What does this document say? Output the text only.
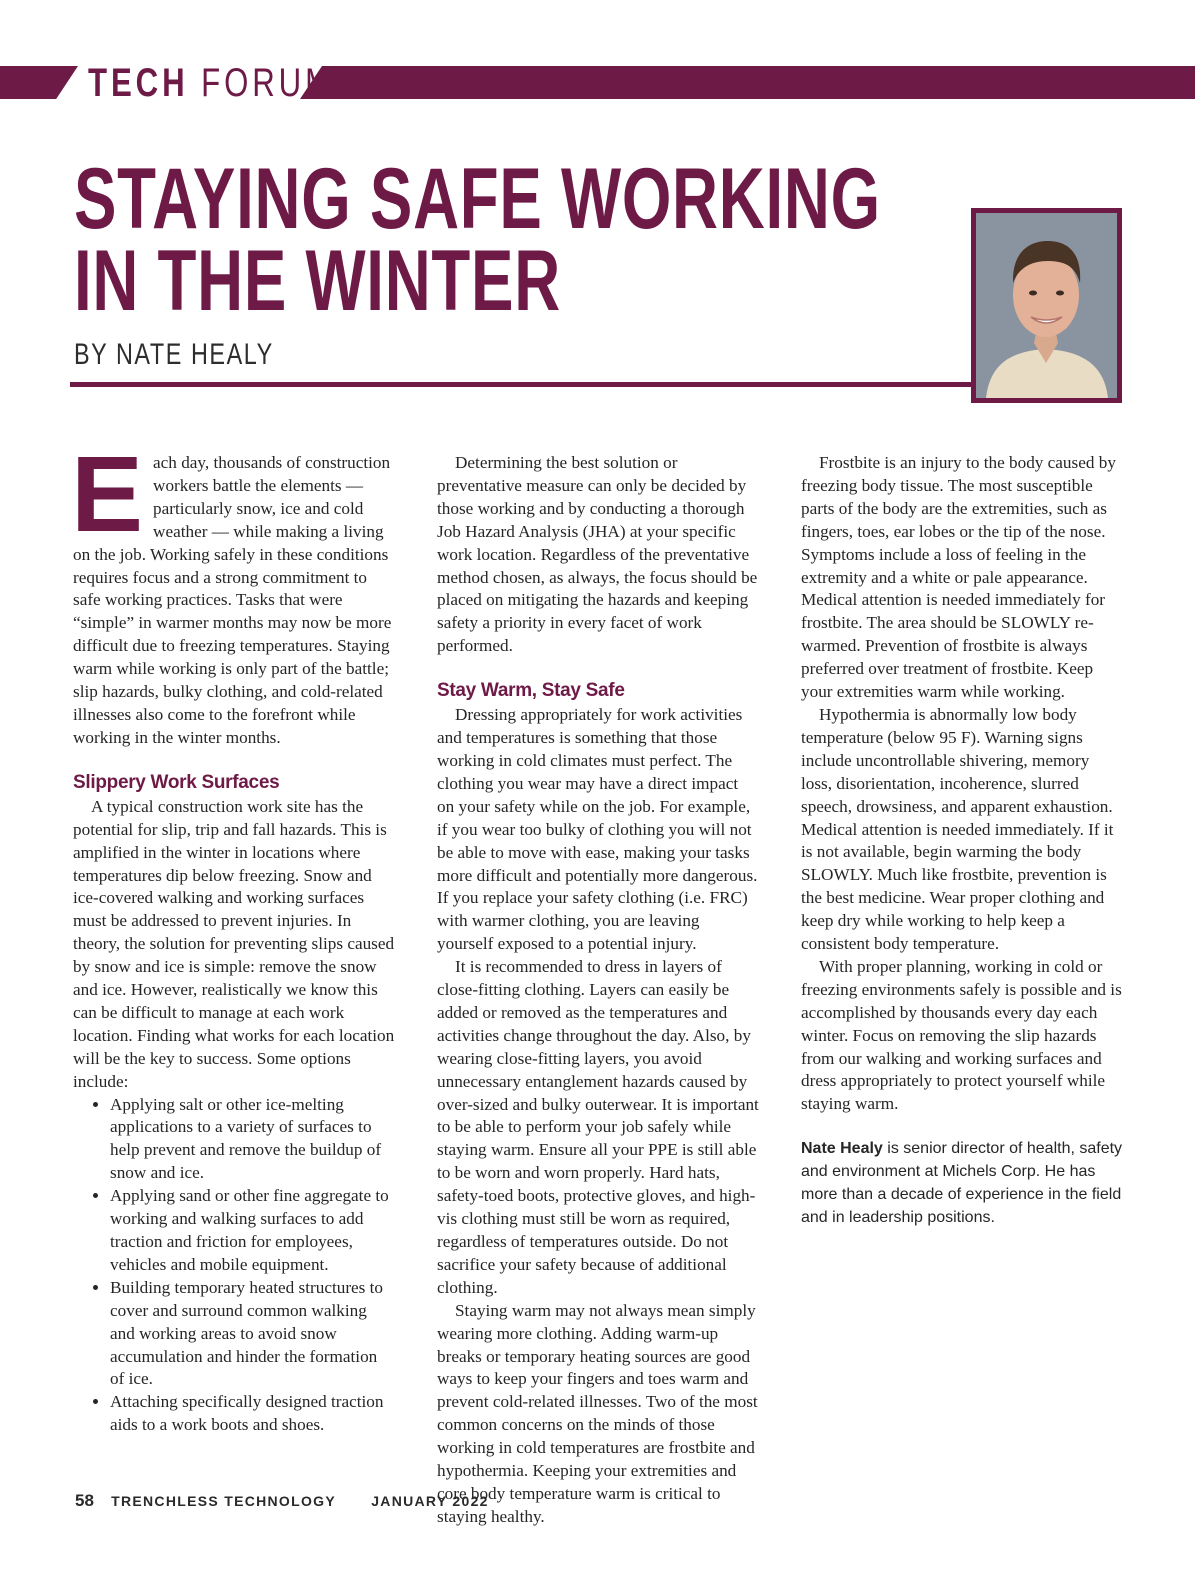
TECH FORUM
STAYING SAFE WORKING
IN THE WINTER
BY NATE HEALY

Each day, thousands of construction workers battle the elements — particularly snow, ice and cold weather — while making a living on the job. Working safely in these conditions requires focus and a strong commitment to safe working practices. Tasks that were “simple” in warmer months may now be more difficult due to freezing temperatures. Staying warm while working is only part of the battle; slip hazards, bulky clothing, and cold-related illnesses also come to the forefront while working in the winter months.

Slippery Work Surfaces

A typical construction work site has the potential for slip, trip and fall hazards. This is amplified in the winter in locations where temperatures dip below freezing. Snow and ice-covered walking and working surfaces must be addressed to prevent injuries. In theory, the solution for preventing slips caused by snow and ice is simple: remove the snow and ice. However, realistically we know this can be difficult to manage at each work location. Finding what works for each location will be the key to success. Some options include:

• Applying salt or other ice-melting applications to a variety of surfaces to help prevent and remove the buildup of snow and ice.
• Applying sand or other fine aggregate to working and walking surfaces to add traction and friction for employees, vehicles and mobile equipment.
• Building temporary heated structures to cover and surround common walking and working areas to avoid snow accumulation and hinder the formation of ice.
• Attaching specifically designed traction aids to a work boots and shoes.

Determining the best solution or preventative measure can only be decided by those working and by conducting a thorough Job Hazard Analysis (JHA) at your specific work location. Regardless of the preventative method chosen, as always, the focus should be placed on mitigating the hazards and keeping safety a priority in every facet of work performed.

Stay Warm, Stay Safe

Dressing appropriately for work activities and temperatures is something that those working in cold climates must perfect. The clothing you wear may have a direct impact on your safety while on the job. For example, if you wear too bulky of clothing you will not be able to move with ease, making your tasks more difficult and potentially more dangerous. If you replace your safety clothing (i.e. FRC) with warmer clothing, you are leaving yourself exposed to a potential injury.

It is recommended to dress in layers of close-fitting clothing. Layers can easily be added or removed as the temperatures and activities change throughout the day. Also, by wearing close-fitting layers, you avoid unnecessary entanglement hazards caused by over-sized and bulky outerwear. It is important to be able to perform your job safely while staying warm. Ensure all your PPE is still able to be worn and worn properly. Hard hats, safety-toed boots, protective gloves, and high-vis clothing must still be worn as required, regardless of temperatures outside. Do not sacrifice your safety because of additional clothing.

Staying warm may not always mean simply wearing more clothing. Adding warm-up breaks or temporary heating sources are good ways to keep your fingers and toes warm and prevent cold-related illnesses. Two of the most common concerns on the minds of those working in cold temperatures are frostbite and hypothermia. Keeping your extremities and core body temperature warm is critical to staying healthy.

Frostbite is an injury to the body caused by freezing body tissue. The most susceptible parts of the body are the extremities, such as fingers, toes, ear lobes or the tip of the nose. Symptoms include a loss of feeling in the extremity and a white or pale appearance. Medical attention is needed immediately for frostbite. The area should be SLOWLY re-warmed. Prevention of frostbite is always preferred over treatment of frostbite. Keep your extremities warm while working.

Hypothermia is abnormally low body temperature (below 95 F). Warning signs include uncontrollable shivering, memory loss, disorientation, incoherence, slurred speech, drowsiness, and apparent exhaustion. Medical attention is needed immediately. If it is not available, begin warming the body SLOWLY. Much like frostbite, prevention is the best medicine. Wear proper clothing and keep dry while working to help keep a consistent body temperature.

With proper planning, working in cold or freezing environments safely is possible and is accomplished by thousands every day each winter. Focus on removing the slip hazards from our walking and working surfaces and dress appropriately to protect yourself while staying warm.

Nate Healy is senior director of health, safety and environment at Michels Corp. He has more than a decade of experience in the field and in leadership positions.

58 TRENCHLESS TECHNOLOGY	JANUARY 2022
